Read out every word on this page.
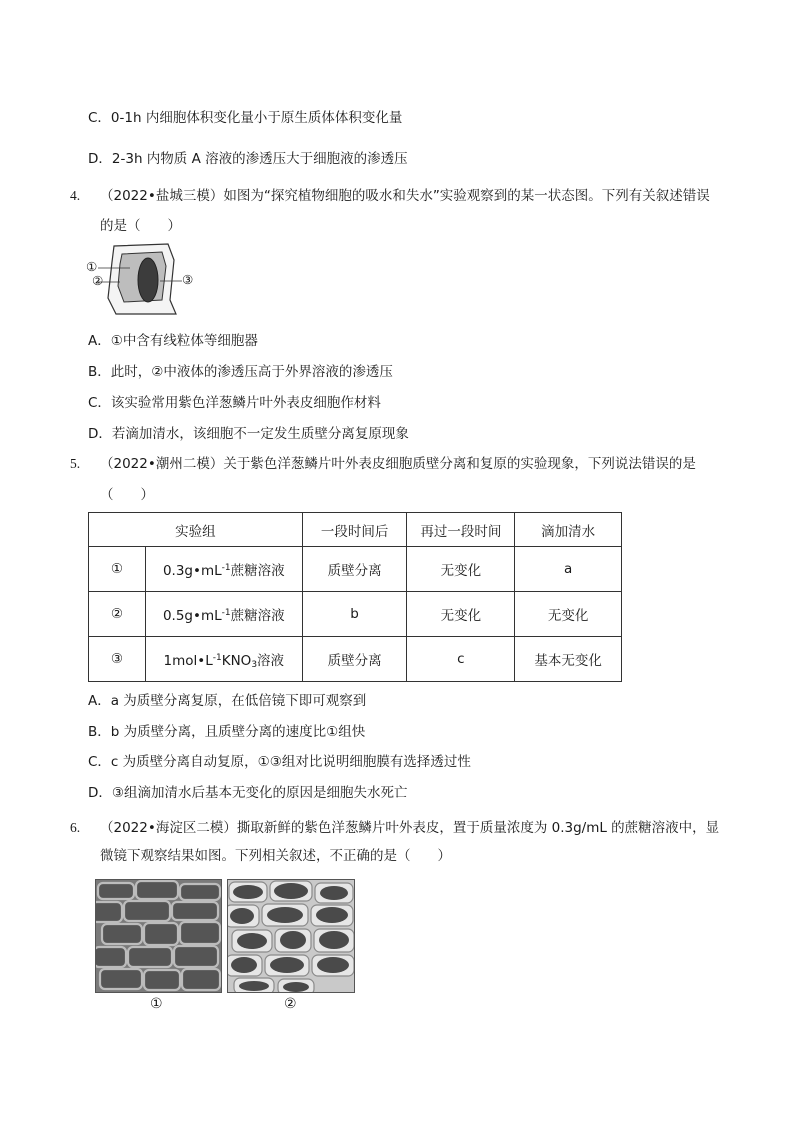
C．0-1h 内细胞体积变化量小于原生质体体积变化量
D．2-3h 内物质 A 溶液的渗透压大于细胞液的渗透压
4. （2022•盐城三模）如图为“探究植物细胞的吸水和失水”实验观察到的某一状态图。下列有关叙述错误
的是（　　）
①
②	③
A．①中含有线粒体等细胞器
B．此时，②中液体的渗透压高于外界溶液的渗透压
C．该实验常用紫色洋葱鳞片叶外表皮细胞作材料
D．若滴加清水，该细胞不一定发生质壁分离复原现象
5. （2022•潮州二模）关于紫色洋葱鳞片叶外表皮细胞质壁分离和复原的实验现象，下列说法错误的是
（　　）
实验组		一段时间后	再过一段时间	滴加清水
①	$0.3g•mL^{-1}$蔗糖溶液	质壁分离	无变化	a
②	$0.5g•mL^{-1}$蔗糖溶液	b	无变化	无变化
③	$1mol•L^{-1}KNO_3$溶液	质壁分离	c	基本无变化
A．a 为质壁分离复原，在低倍镜下即可观察到
B．b 为质壁分离，且质壁分离的速度比①组快
C．c 为质壁分离自动复原，①③组对比说明细胞膜有选择透过性
D．③组滴加清水后基本无变化的原因是细胞失水死亡
6. （2022•海淀区二模）撕取新鲜的紫色洋葱鳞片叶外表皮，置于质量浓度为 0.3g/mL 的蔗糖溶液中，显
微镜下观察结果如图。下列相关叙述，不正确的是（　　）
①	②
